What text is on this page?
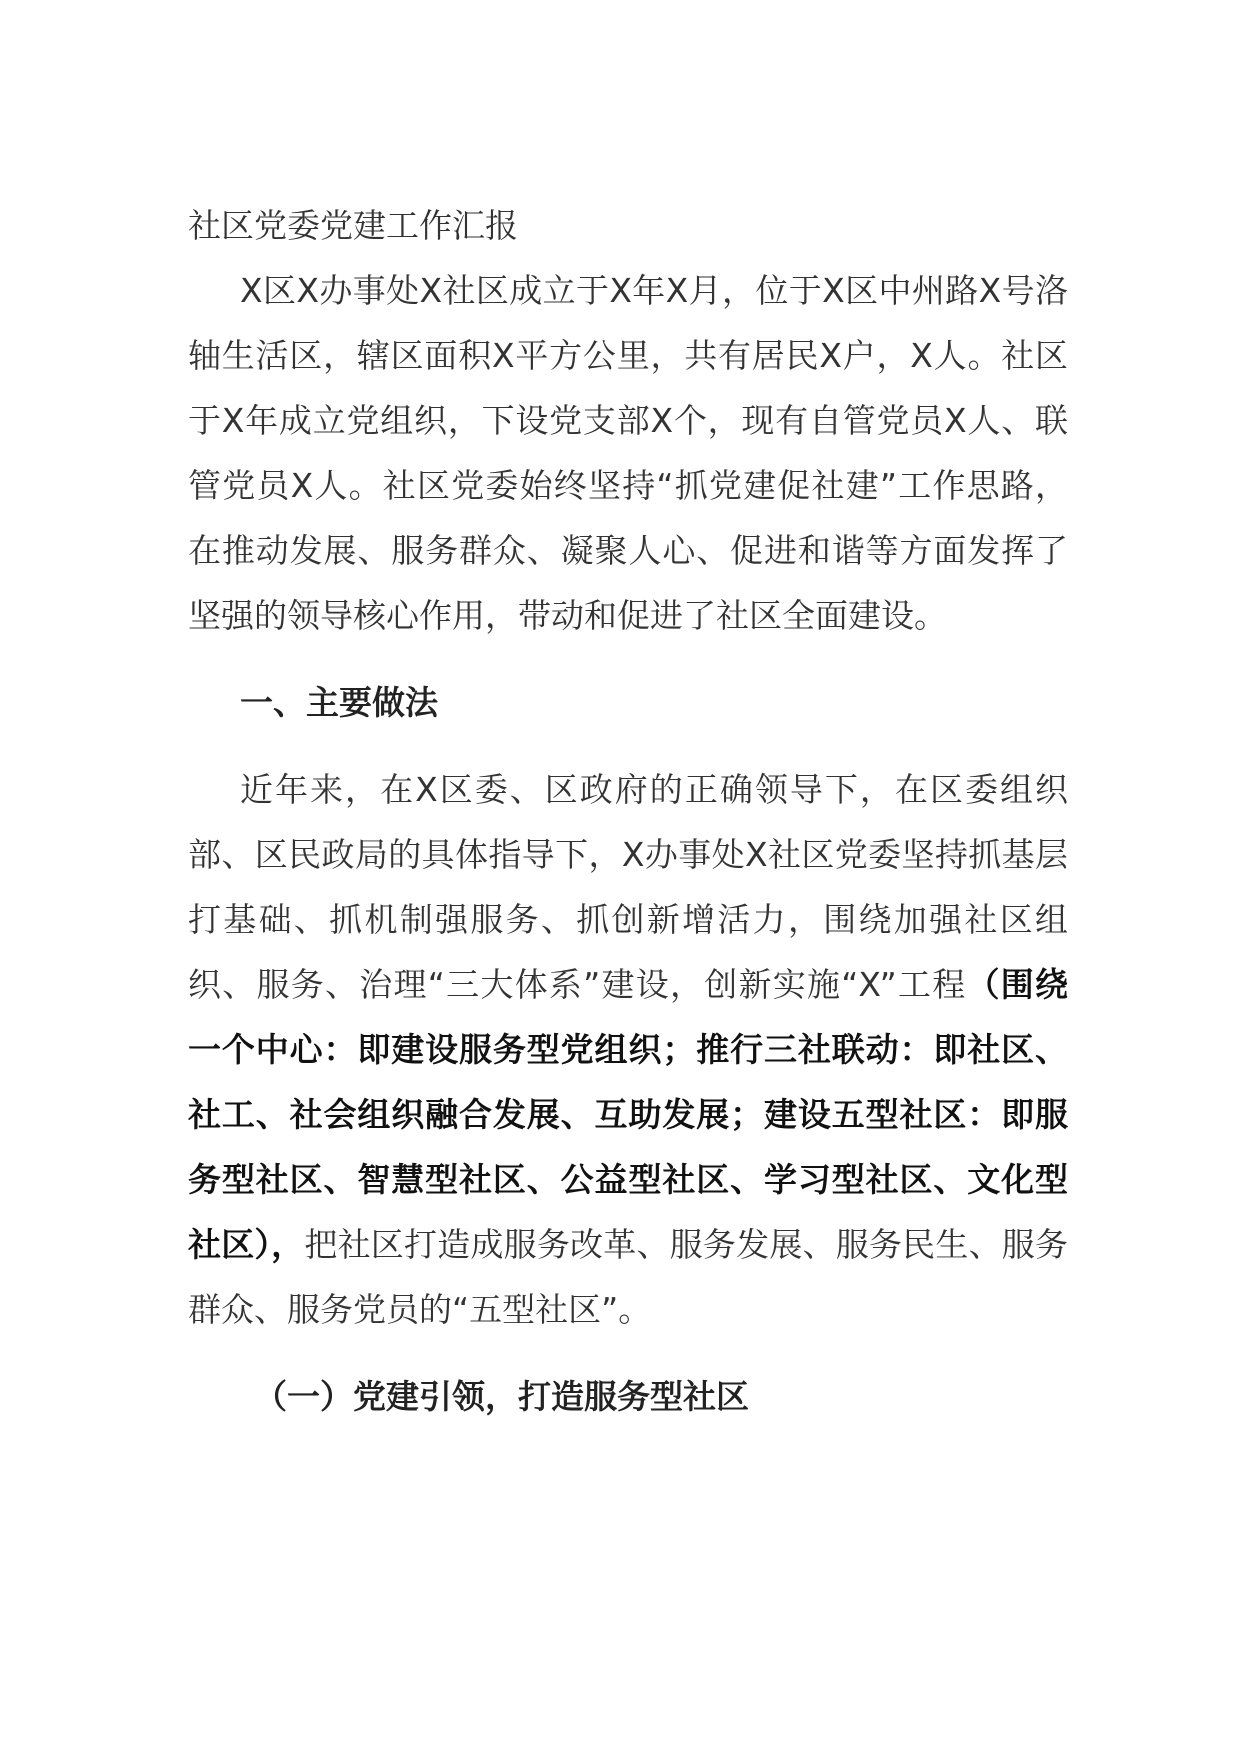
社区党委党建工作汇报

X区X办事处X社区成立于X年X月，位于X区中州路X号洛轴生活区，辖区面积X平方公里，共有居民X户，X人。社区于X年成立党组织，下设党支部X个，现有自管党员X人、联管党员X人。社区党委始终坚持“抓党建促社建”工作思路，在推动发展、服务群众、凝聚人心、促进和谐等方面发挥了坚强的领导核心作用，带动和促进了社区全面建设。

一、主要做法

近年来，在X区委、区政府的正确领导下，在区委组织部、区民政局的具体指导下，X办事处X社区党委坚持抓基层打基础、抓机制强服务、抓创新增活力，围绕加强社区组织、服务、治理“三大体系”建设，创新实施“X”工程（围绕一个中心：即建设服务型党组织；推行三社联动：即社区、社工、社会组织融合发展、互助发展；建设五型社区：即服务型社区、智慧型社区、公益型社区、学习型社区、文化型社区），把社区打造成服务改革、服务发展、服务民生、服务群众、服务党员的“五型社区”。

（一）党建引领，打造服务型社区
